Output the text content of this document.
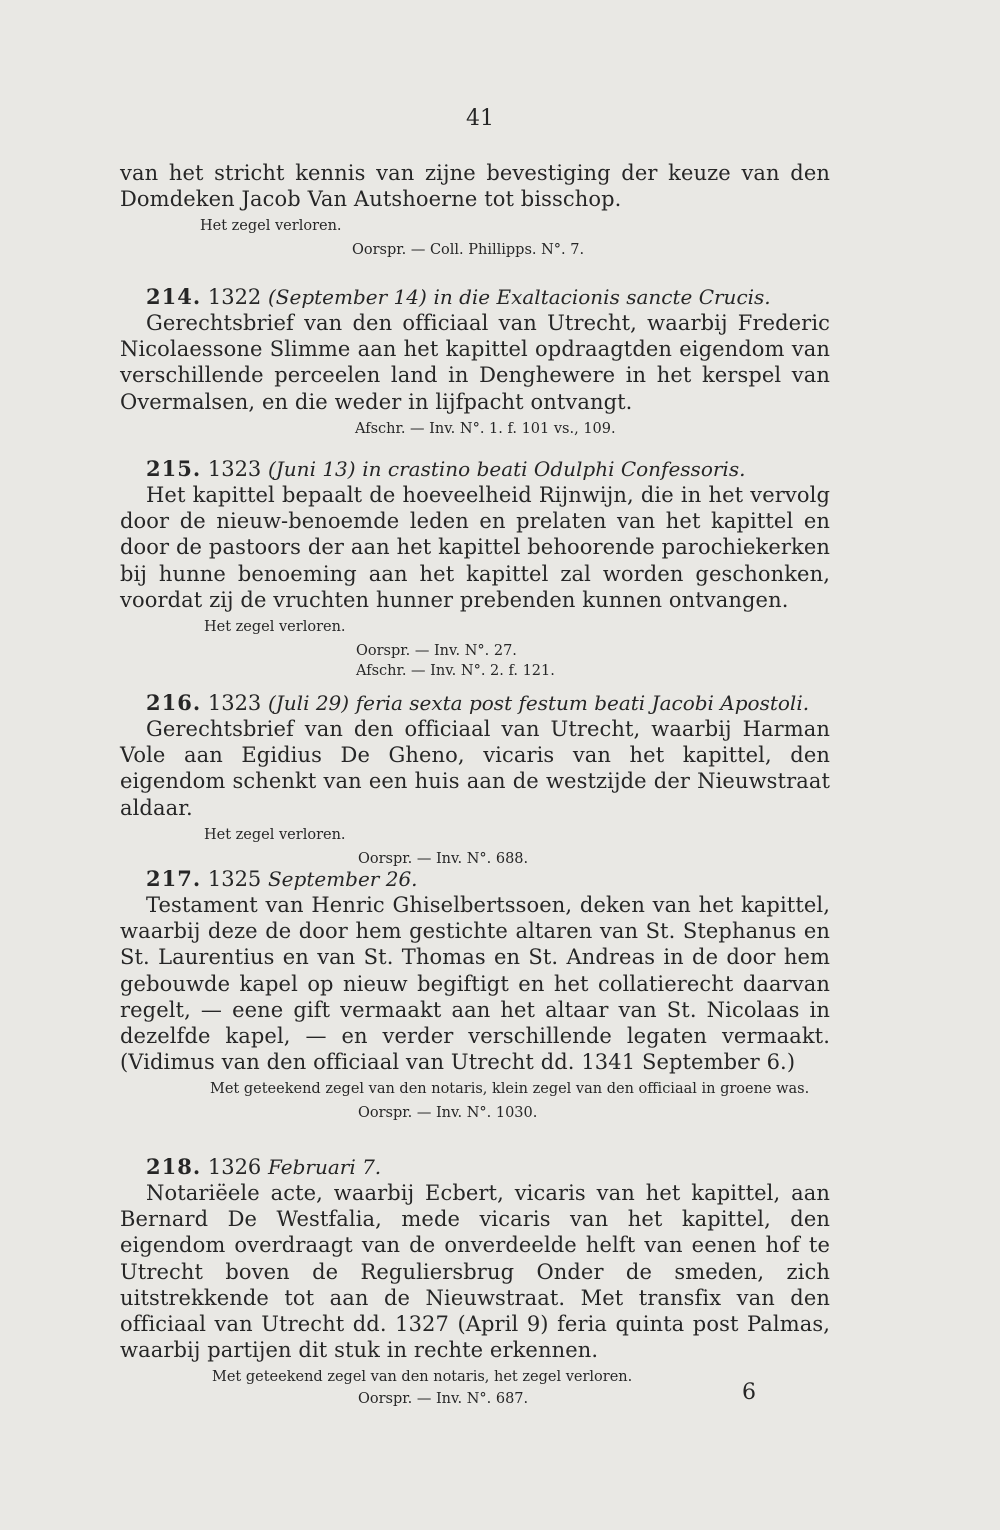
41

van het stricht kennis van zijne bevestiging der keuze van den Domdeken Jacob Van Autshoerne tot bisschop.

Het zegel verloren.

Oorspr. — Coll. Phillipps. N°. 7.

214. 1322 (September 14) in die Exaltacionis sancte Crucis.

Gerechtsbrief van den officiaal van Utrecht, waarbij Frederic Nicolaessone Slimme aan het kapittel opdraagtden eigendom van verschillende perceelen land in Denghewere in het kerspel van Overmalsen, en die weder in lijfpacht ontvangt.

Afschr. — Inv. N°. 1. f. 101 vs., 109.

215. 1323 (Juni 13) in crastino beati Odulphi Confessoris.

Het kapittel bepaalt de hoeveelheid Rijnwijn, die in het vervolg door de nieuw-benoemde leden en prelaten van het kapittel en door de pastoors der aan het kapittel behoorende parochiekerken bij hunne benoeming aan het kapittel zal worden geschonken, voordat zij de vruchten hunner prebenden kunnen ontvangen.

Het zegel verloren.

Oorspr. — Inv. N°. 27.

Afschr. — Inv. N°. 2. f. 121.

216. 1323 (Juli 29) feria sexta post festum beati Jacobi Apostoli.

Gerechtsbrief van den officiaal van Utrecht, waarbij Harman Vole aan Egidius De Gheno, vicaris van het kapittel, den eigendom schenkt van een huis aan de westzijde der Nieuwstraat aldaar.

Het zegel verloren.

Oorspr. — Inv. N°. 688.

217. 1325 September 26.

Testament van Henric Ghiselbertssoen, deken van het kapittel, waarbij deze de door hem gestichte altaren van St. Stephanus en St. Laurentius en van St. Thomas en St. Andreas in de door hem gebouwde kapel op nieuw begiftigt en het collatierecht daarvan regelt, — eene gift vermaakt aan het altaar van St. Nicolaas in dezelfde kapel, — en verder verschillende legaten vermaakt. (Vidimus van den officiaal van Utrecht dd. 1341 September 6.)

Met geteekend zegel van den notaris, klein zegel van den officiaal in groene was.

Oorspr. — Inv. N°. 1030.

218. 1326 Februari 7.

Notariëele acte, waarbij Ecbert, vicaris van het kapittel, aan Bernard De Westfalia, mede vicaris van het kapittel, den eigendom overdraagt van de onverdeelde helft van eenen hof te Utrecht boven de Reguliersbrug Onder de smeden, zich uitstrekkende tot aan de Nieuwstraat. Met transfix van den officiaal van Utrecht dd. 1327 (April 9) feria quinta post Palmas, waarbij partijen dit stuk in rechte erkennen.

Met geteekend zegel van den notaris, het zegel verloren.

Oorspr. — Inv. N°. 687.	6
